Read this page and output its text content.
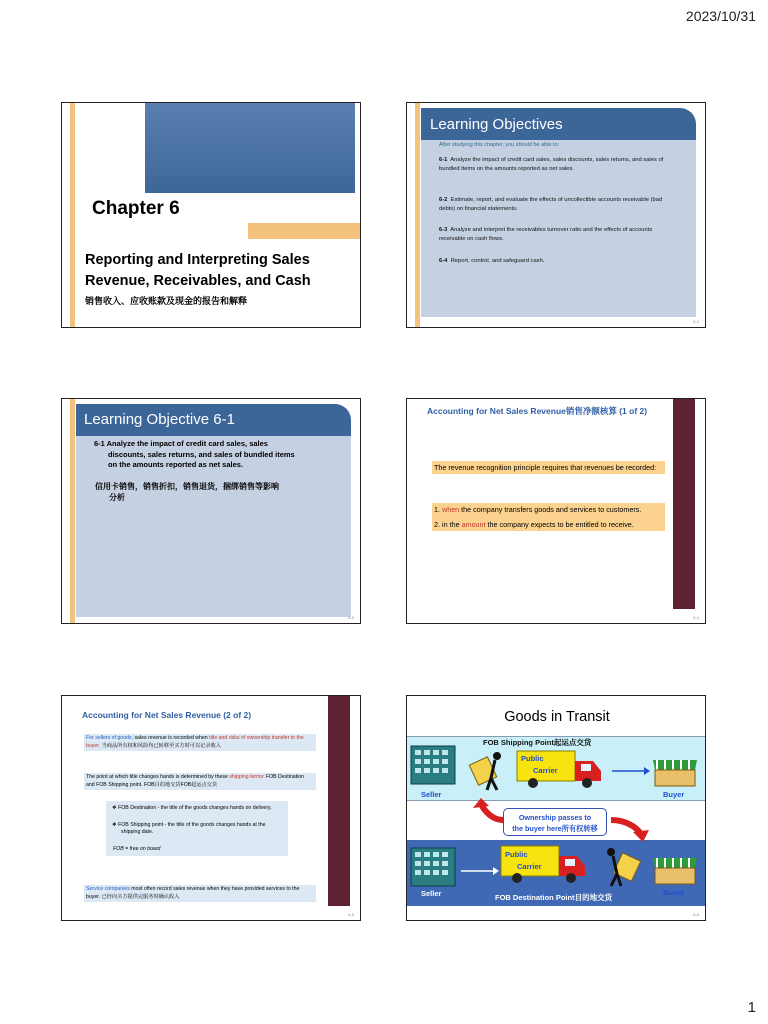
2023/10/31
Chapter 6
Reporting and Interpreting Sales Revenue, Receivables, and Cash
销售收入、应收账款及现金的报告和解释
Learning Objectives
After studying this chapter, you should be able to:
6-1 Analyze the impact of credit card sales, sales discounts, sales returns, and sales of bundled items on the amounts reported as net sales.
6-2 Estimate, report, and evaluate the effects of uncollectible accounts receivable (bad debts) on financial statements.
6-3 Analyze and interpret the receivables turnover ratio and the effects of accounts receivable on cash flows.
6-4 Report, control, and safeguard cash.
6-2
Learning Objective 6-1
6-1 Analyze the impact of credit card sales, sales
discounts, sales returns, and sales of bundled items
on the amounts reported as net sales.
信用卡销售，销售折扣，销售退货，捆绑销售等影响
分析
6-3
Accounting for Net Sales Revenue销售净额核算 (1 of 2)
The revenue recognition principle requires that revenues be recorded:
1. when the company transfers goods and services to customers.
2. in the amount the company expects to be entitled to receive.
6-4
Accounting for Net Sales Revenue (2 of 2)
For sellers of goods, sales revenue is recorded when title and risks of ownership transfer to the buyer. 当商品所有权和风险均已转移至买方时可以记录收入
The point at which title changes hands is determined by these shipping terms: FOB Destination and FOB Shipping point. FOB目的地交货FOB起运点交货
❖ FOB Destination - the title of the goods changes hands on delivery.
❖ FOB Shipping point - the title of the goods changes hands at the shipping date.
FOB = free on board
Service companies most often record sales revenue when they have provided services to the buyer. 已经向买方提供完服务时确认收入
6-5
Goods in Transit
FOB Shipping Point起运点交货
FOB Destination Point目的地交货
Seller
Public
Carrier
Buyer
Ownership passes to
the buyer here所有权转移
Seller
Public
Carrier
Buyer
6-6
1
